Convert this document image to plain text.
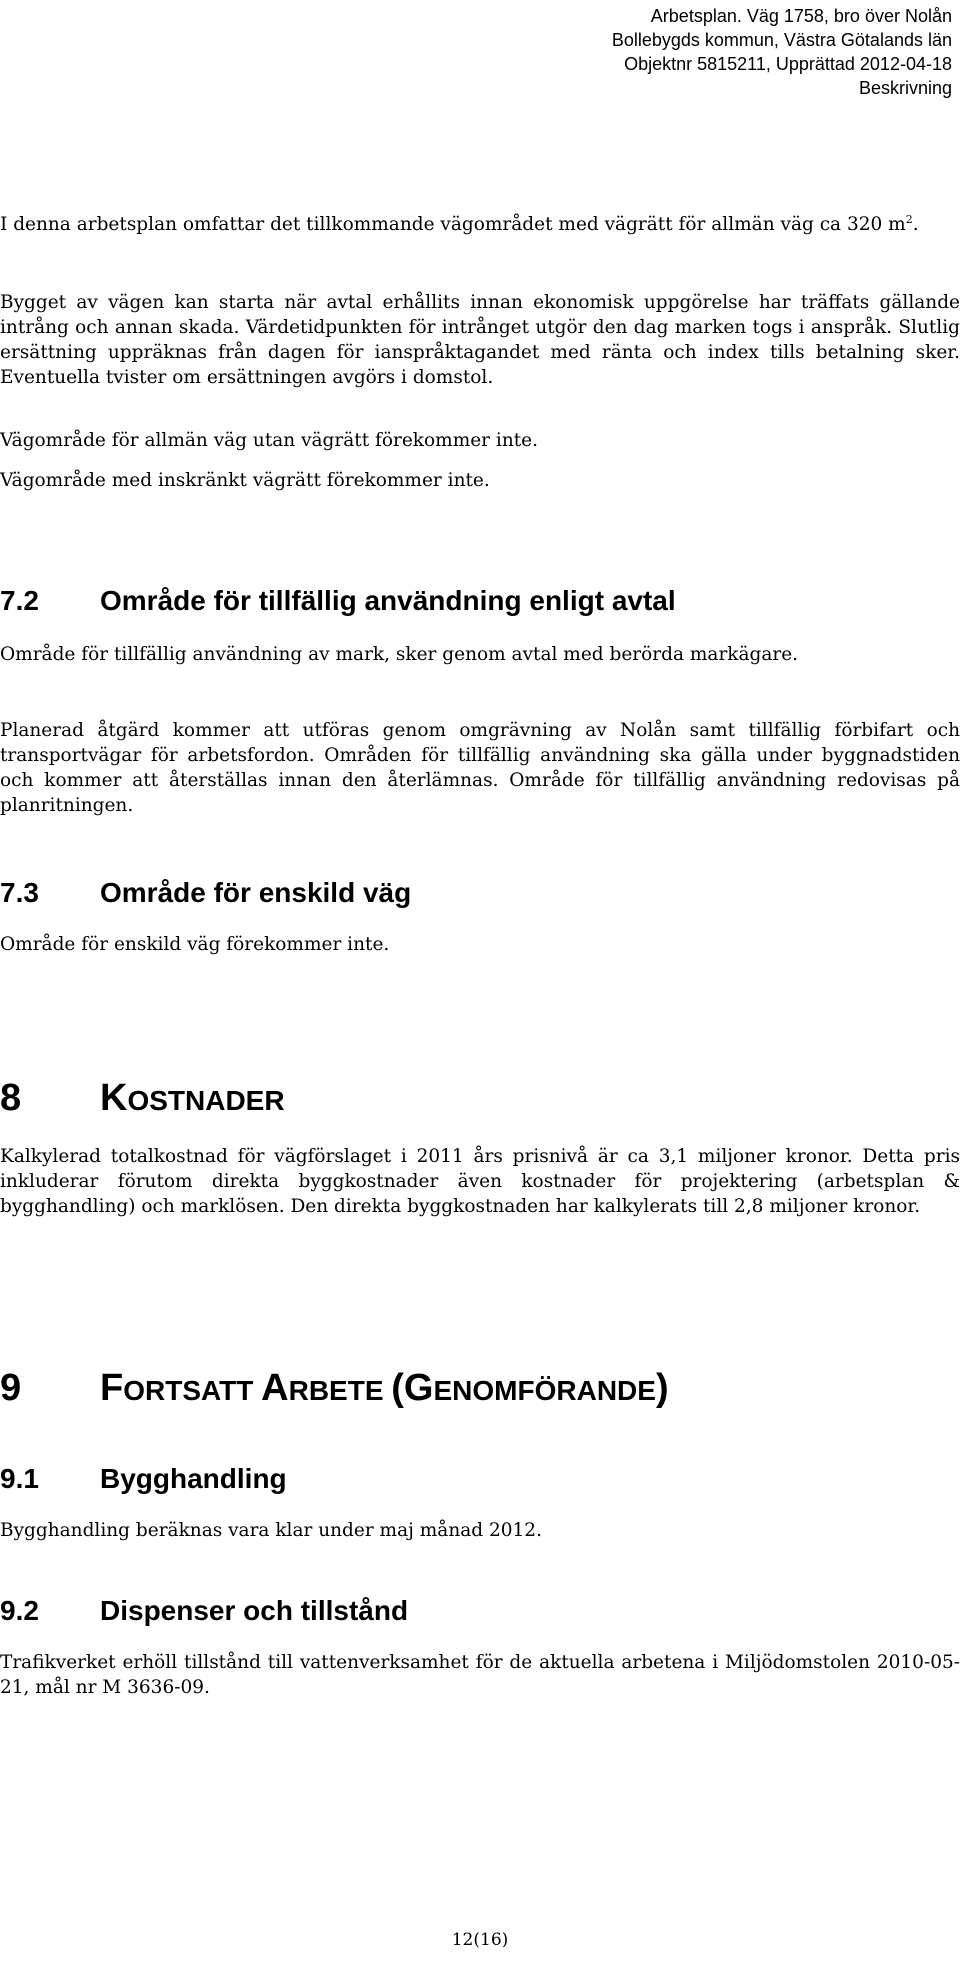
Arbetsplan. Väg 1758, bro över Nolån
Bollebygds kommun, Västra Götalands län
Objektnr 5815211, Upprättad 2012-04-18
Beskrivning

I denna arbetsplan omfattar det tillkommande vägområdet med vägrätt för allmän väg ca 320 $m^2$.

Bygget av vägen kan starta när avtal erhållits innan ekonomisk uppgörelse har träffats gällande intrång och annan skada. Värdetidpunkten för intrånget utgör den dag marken togs i anspråk. Slutlig ersättning uppräknas från dagen för ianspråktagandet med ränta och index tills betalning sker. Eventuella tvister om ersättningen avgörs i domstol.

Vägområde för allmän väg utan vägrätt förekommer inte.

Vägområde med inskränkt vägrätt förekommer inte.

7.2 Område för tillfällig användning enligt avtal

Område för tillfällig användning av mark, sker genom avtal med berörda markägare.

Planerad åtgärd kommer att utföras genom omgrävning av Nolån samt tillfällig förbifart och transportvägar för arbetsfordon. Områden för tillfällig användning ska gälla under byggnadstiden och kommer att återställas innan den återlämnas. Område för tillfällig användning redovisas på planritningen.

7.3 Område för enskild väg

Område för enskild väg förekommer inte.

8 KOSTNADER

Kalkylerad totalkostnad för vägförslaget i 2011 års prisnivå är ca 3,1 miljoner kronor. Detta pris inkluderar förutom direkta byggkostnader även kostnader för projektering (arbetsplan & bygghandling) och marklösen. Den direkta byggkostnaden har kalkylerats till 2,8 miljoner kronor.

9 FORTSATT ARBETE (GENOMFÖRANDE)
9.1 Bygghandling

Bygghandling beräknas vara klar under maj månad 2012.

9.2 Dispenser och tillstånd

Trafikverket erhöll tillstånd till vattenverksamhet för de aktuella arbetena i Miljödomstolen 2010-05-21, mål nr M 3636-09.

12(16)
